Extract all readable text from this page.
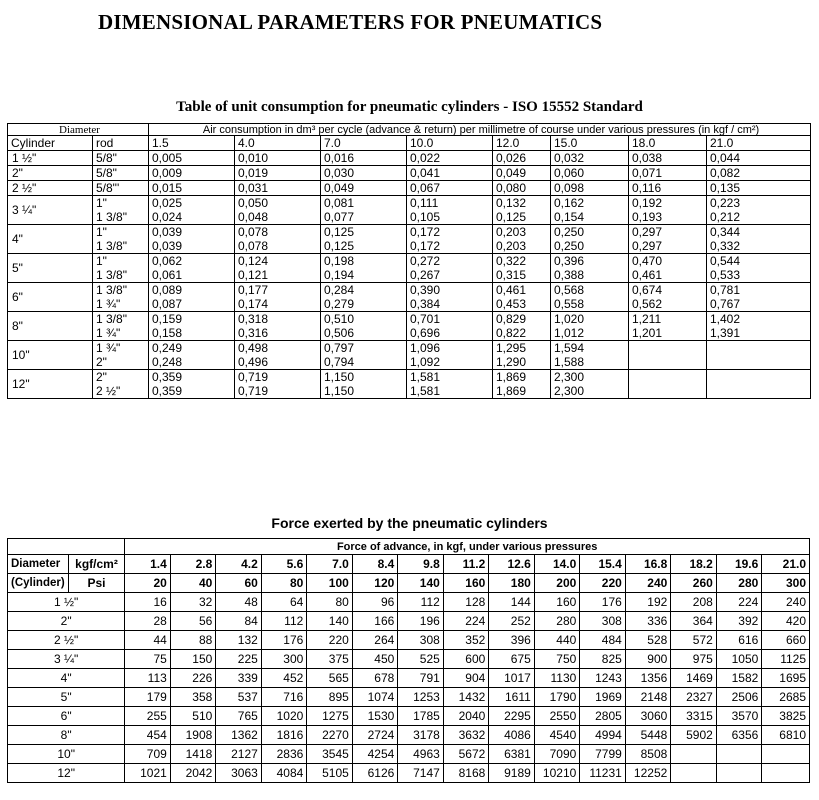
DIMENSIONAL PARAMETERS FOR PNEUMATICS
Table of unit consumption for pneumatic cylinders - ISO 15552 Standard
Diameter		Air consumption in dm³ per cycle (advance & return) per millimetre of course under various pressures (in kgf / cm²)							
Cylinder	rod	1.5	4.0	7.0	10.0	12.0	15.0	18.0	21.0
1 ½"	5/8"	0,005	0,010	0,016	0,022	0,026	0,032	0,038	0,044
2"	5/8"	0,009	0,019	0,030	0,041	0,049	0,060	0,071	0,082
2 ½"	5/8"'	0,015	0,031	0,049	0,067	0,080	0,098	0,116	0,135
3 ¼"	1"	0,025	0,050	0,081	0,111	0,132	0,162	0,192	0,223
	1 3/8"	0,024	0,048	0,077	0,105	0,125	0,154	0,193	0,212
4"	1"	0,039	0,078	0,125	0,172	0,203	0,250	0,297	0,344
	1 3/8"	0,039	0,078	0,125	0,172	0,203	0,250	0,297	0,332
5"	1"	0,062	0,124	0,198	0,272	0,322	0,396	0,470	0,544
	1 3/8"	0,061	0,121	0,194	0,267	0,315	0,388	0,461	0,533
6"	1 3/8"	0,089	0,177	0,284	0,390	0,461	0,568	0,674	0,781
	1 ¾"	0,087	0,174	0,279	0,384	0,453	0,558	0,562	0,767
8"	1 3/8"	0,159	0,318	0,510	0,701	0,829	1,020	1,211	1,402
	1 ¾"	0,158	0,316	0,506	0,696	0,822	1,012	1,201	1,391
10"	1 ¾"	0,249	0,498	0,797	1,096	1,295	1,594		
	2"	0,248	0,496	0,794	1,092	1,290	1,588		
12"	2"	0,359	0,719	1,150	1,581	1,869	2,300		
	2 ½"	0,359	0,719	1,150	1,581	1,869	2,300		
Force exerted by the pneumatic cylinders
		Force of advance, in kgf, under various pressures														
Diameter	kgf/cm²	1.4	2.8	4.2	5.6	7.0	8.4	9.8	11.2	12.6	14.0	15.4	16.8	18.2	19.6	21.0
(Cylinder)	Psi	20	40	60	80	100	120	140	160	180	200	220	240	260	280	300
1 ½"		16	32	48	64	80	96	112	128	144	160	176	192	208	224	240
2"		28	56	84	112	140	166	196	224	252	280	308	336	364	392	420
2 ½"		44	88	132	176	220	264	308	352	396	440	484	528	572	616	660
3 ¼"		75	150	225	300	375	450	525	600	675	750	825	900	975	1050	1125
4"		113	226	339	452	565	678	791	904	1017	1130	1243	1356	1469	1582	1695
5"		179	358	537	716	895	1074	1253	1432	1611	1790	1969	2148	2327	2506	2685
6"		255	510	765	1020	1275	1530	1785	2040	2295	2550	2805	3060	3315	3570	3825
8"		454	1908	1362	1816	2270	2724	3178	3632	4086	4540	4994	5448	5902	6356	6810
10"		709	1418	2127	2836	3545	4254	4963	5672	6381	7090	7799	8508			
12"		1021	2042	3063	4084	5105	6126	7147	8168	9189	10210	11231	12252			
